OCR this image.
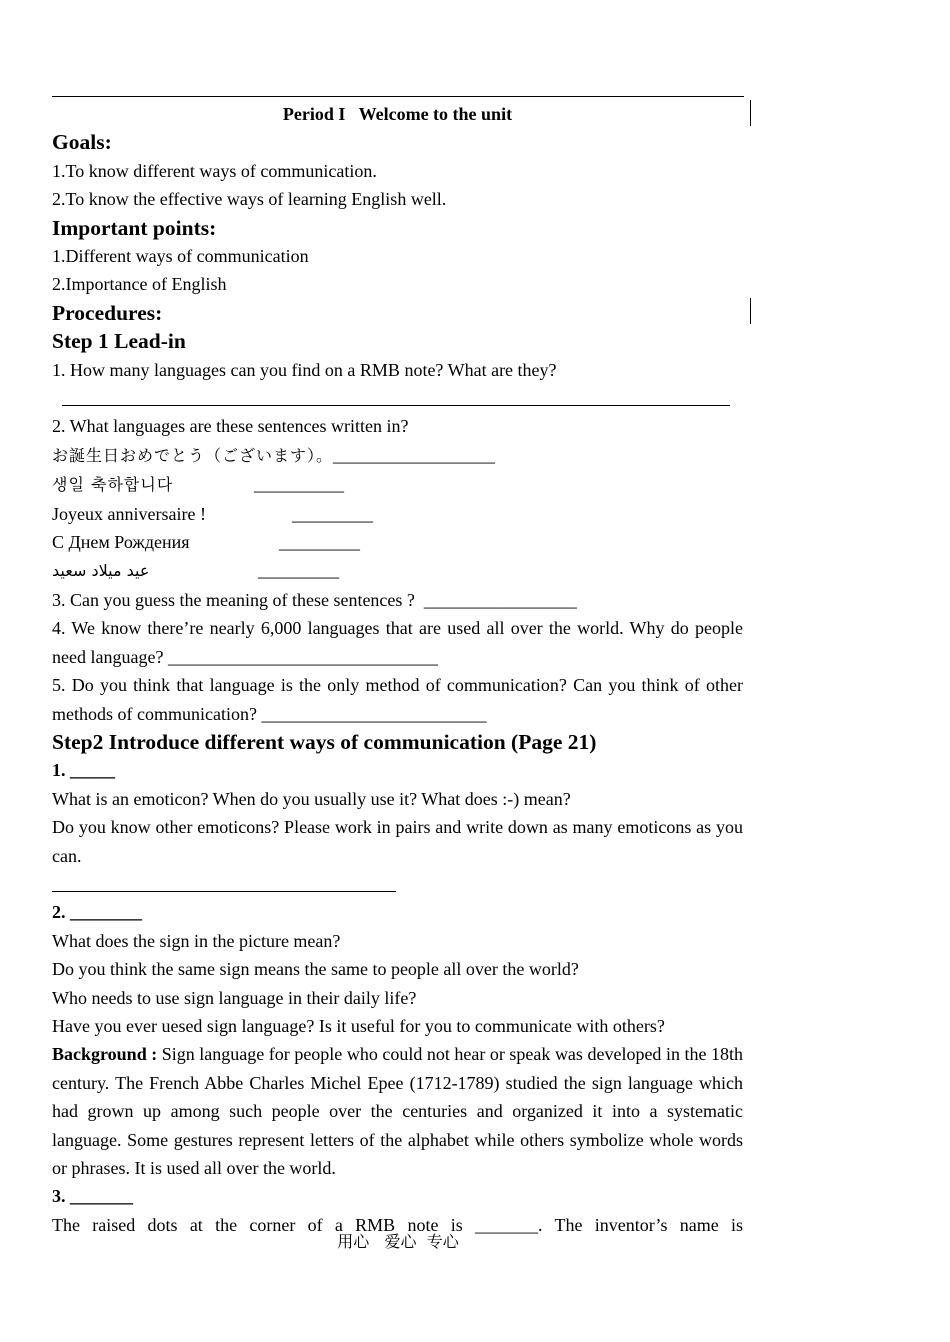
Period I   Welcome to the unit
Goals:
1.To know different ways of communication.
2.To know the effective ways of learning English well.
Important points:
1.Different ways of communication
2.Importance of English
Procedures:
Step 1 Lead-in
1. How many languages can you find on a RMB note? What are they?
2. What languages are these sentences written in?
お誕生日おめでとう（ございます）。__________________
생일 축하합니다	__________
Joyeux anniversaire !	_________
С Днем Рождения	_________
عيد ميلاد سعيد	_________
3. Can you guess the meaning of these sentences ? _________________
4. We know there’re nearly 6,000 languages that are used all over the world. Why do people need language? ______________________________
5. Do you think that language is the only method of communication? Can you think of other methods of communication? _________________________
Step2 Introduce different ways of communication (Page 21)
1. _____
What is an emoticon? When do you usually use it? What does :-) mean?
Do you know other emoticons? Please work in pairs and write down as many emoticons as you can.
2. ________
What does the sign in the picture mean?
Do you think the same sign means the same to people all over the world?
Who needs to use sign language in their daily life?
Have you ever uesed sign language? Is it useful for you to communicate with others?
Background : Sign language for people who could not hear or speak was developed in the 18th century. The French Abbe Charles Michel Epee (1712-1789) studied the sign language which had grown up among such people over the centuries and organized it into a systematic language. Some gestures represent letters of the alphabet while others symbolize whole words or phrases. It is used all over the world.
3. _______
The raised dots at the corner of a RMB note is _______. The inventor’s name is
用心   爱心  专心
